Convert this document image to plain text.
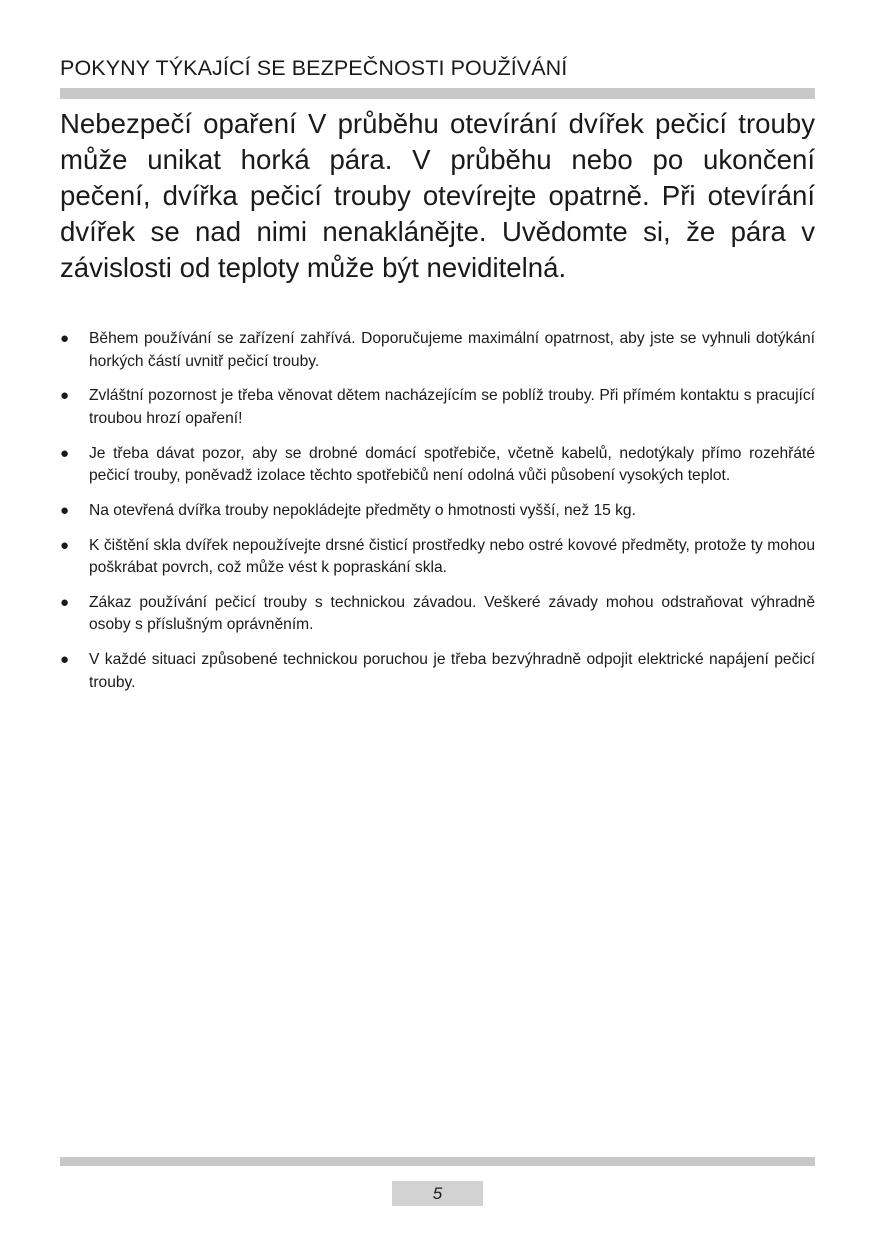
POKYNY TÝKAJÍCÍ SE BEZPEČNOSTI POUŽÍVÁNÍ

Nebezpečí opaření V průběhu otevírání dvířek pečicí trouby může unikat horká pára. V průběhu nebo po ukončení pečení, dvířka pečicí trouby otevírejte opatrně. Při otevírání dvířek se nad nimi nenaklánějte. Uvědomte si, že pára v závislosti od teploty může být neviditelná.

● Během používání se zařízení zahřívá. Doporučujeme maximální opatrnost, aby jste se vyhnuli dotýkání horkých částí uvnitř pečicí trouby.
● Zvláštní pozornost je třeba věnovat dětem nacházejícím se poblíž trouby. Při přímém kontaktu s pracující troubou hrozí opaření!
● Je třeba dávat pozor, aby se drobné domácí spotřebiče, včetně kabelů, nedotýkaly přímo rozehřáté pečicí trouby, poněvadž izolace těchto spotřebičů není odolná vůči působení vysokých teplot.
● Na otevřená dvířka trouby nepokládejte předměty o hmotnosti vyšší, než 15 kg.
● K čištění skla dvířek nepoužívejte drsné čisticí prostředky nebo ostré kovové předměty, protože ty mohou poškrábat povrch, což může vést k popraskání skla.
● Zákaz používání pečicí trouby s technickou závadou. Veškeré závady mohou odstraňovat výhradně osoby s příslušným oprávněním.
● V každé situaci způsobené technickou poruchou je třeba bezvýhradně odpojit elektrické napájení pečicí trouby.
5
